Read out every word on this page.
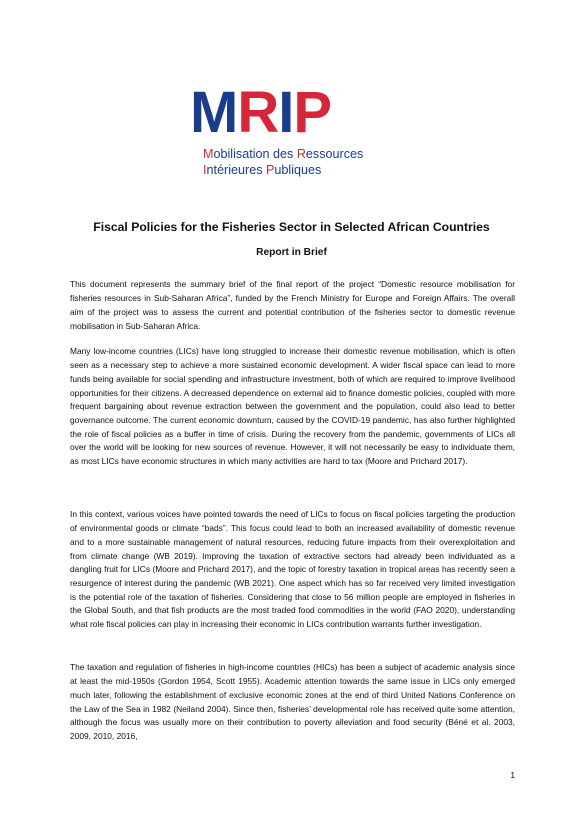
MRIP
Mobilisation des Ressources
Intérieures Publiques
Fiscal Policies for the Fisheries Sector in Selected African Countries
Report in Brief

This document represents the summary brief of the final report of the project “Domestic resource mobilisation for fisheries resources in Sub-Saharan Africa”, funded by the French Ministry for Europe and Foreign Affairs. The overall aim of the project was to assess the current and potential contribution of the fisheries sector to domestic revenue mobilisation in Sub-Saharan Africa.

Many low-income countries (LICs) have long struggled to increase their domestic revenue mobilisation, which is often seen as a necessary step to achieve a more sustained economic development. A wider fiscal space can lead to more funds being available for social spending and infrastructure investment, both of which are required to improve livelihood opportunities for their citizens. A decreased dependence on external aid to finance domestic policies, coupled with more frequent bargaining about revenue extraction between the government and the population, could also lead to better governance outcome. The current economic downturn, caused by the COVID-19 pandemic, has also further highlighted the role of fiscal policies as a buffer in time of crisis. During the recovery from the pandemic, governments of LICs all over the world will be looking for new sources of revenue. However, it will not necessarily be easy to individuate them, as most LICs have economic structures in which many activities are hard to tax (Moore and Prichard 2017).

In this context, various voices have pointed towards the need of LICs to focus on fiscal policies targeting the production of environmental goods or climate “bads”. This focus could lead to both an increased availability of domestic revenue and to a more sustainable management of natural resources, reducing future impacts from their overexploitation and from climate change (WB 2019). Improving the taxation of extractive sectors had already been individuated as a dangling fruit for LICs (Moore and Prichard 2017), and the topic of forestry taxation in tropical areas has recently seen a resurgence of interest during the pandemic (WB 2021). One aspect which has so far received very limited investigation is the potential role of the taxation of fisheries. Considering that close to 56 million people are employed in fisheries in the Global South, and that fish products are the most traded food commodities in the world (FAO 2020), understanding what role fiscal policies can play in increasing their economic in LICs contribution warrants further investigation.

The taxation and regulation of fisheries in high-income countries (HICs) has been a subject of academic analysis since at least the mid-1950s (Gordon 1954, Scott 1955). Academic attention towards the same issue in LICs only emerged much later, following the establishment of exclusive economic zones at the end of third United Nations Conference on the Law of the Sea in 1982 (Neiland 2004). Since then, fisheries’ developmental role has received quite some attention, although the focus was usually more on their contribution to poverty alleviation and food security (Béné et al. 2003, 2009, 2010, 2016,

1
